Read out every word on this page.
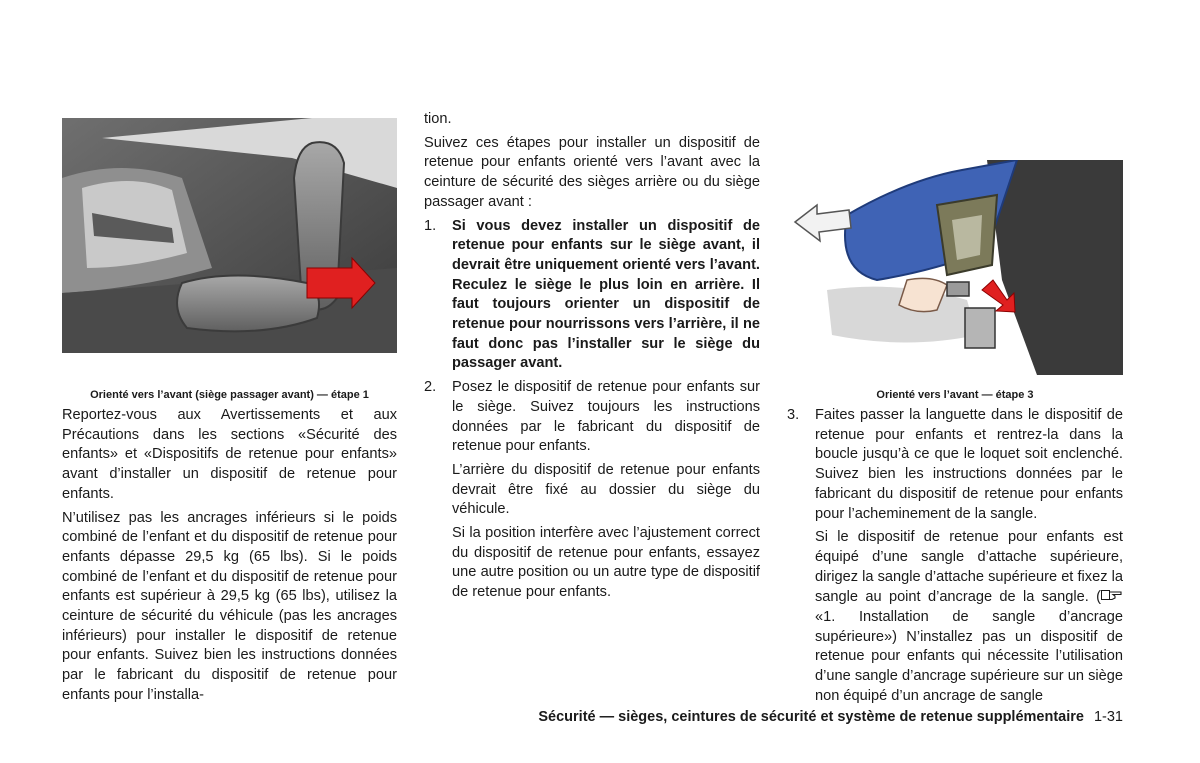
Orienté vers l’avant (siège passager avant) — étape 1

Reportez-vous aux Avertissements et aux Précautions dans les sections «Sécurité des enfants» et «Dispositifs de retenue pour enfants» avant d’installer un dispositif de retenue pour enfants.

N’utilisez pas les ancrages inférieurs si le poids combiné de l’enfant et du dispositif de retenue pour enfants dépasse 29,5 kg (65 lbs). Si le poids combiné de l’enfant et du dispositif de retenue pour enfants est supérieur à 29,5 kg (65 lbs), utilisez la ceinture de sécurité du véhicule (pas les ancrages inférieurs) pour installer le dispositif de retenue pour enfants. Suivez bien les instructions données par le fabricant du dispositif de retenue pour enfants pour l’installa-

tion.

Suivez ces étapes pour installer un dispositif de retenue pour enfants orienté vers l’avant avec la ceinture de sécurité des sièges arrière ou du siège passager avant :

1.	Si vous devez installer un dispositif de retenue pour enfants sur le siège avant, il devrait être uniquement orienté vers l’avant. Reculez le siège le plus loin en arrière. Il faut toujours orienter un dispositif de retenue pour nourrissons vers l’arrière, il ne faut donc pas l’installer sur le siège du passager avant.
2.	Posez le dispositif de retenue pour enfants sur le siège. Suivez toujours les instructions données par le fabricant du dispositif de retenue pour enfants.

L’arrière du dispositif de retenue pour enfants devrait être fixé au dossier du siège du véhicule.

Si la position interfère avec l’ajustement correct du dispositif de retenue pour enfants, essayez une autre position ou un autre type de dispositif de retenue pour enfants.

Orienté vers l’avant — étape 3
3.	Faites passer la languette dans le dispositif de retenue pour enfants et rentrez-la dans la boucle jusqu’à ce que le loquet soit enclenché. Suivez bien les instructions données par le fabricant du dispositif de retenue pour enfants pour l’acheminement de la sangle.

Si le dispositif de retenue pour enfants est équipé d’une sangle d’attache supérieure, dirigez la sangle d’attache supérieure et fixez la sangle au point d’ancrage de la sangle. ( «1. Installation de sangle d’ancrage supérieure») N’installez pas un dispositif de retenue pour enfants qui nécessite l’utilisation d’une sangle d’ancrage supérieure sur un siège non équipé d’un ancrage de sangle

Sécurité — sièges, ceintures de sécurité et système de retenue supplémentaire 1-31
